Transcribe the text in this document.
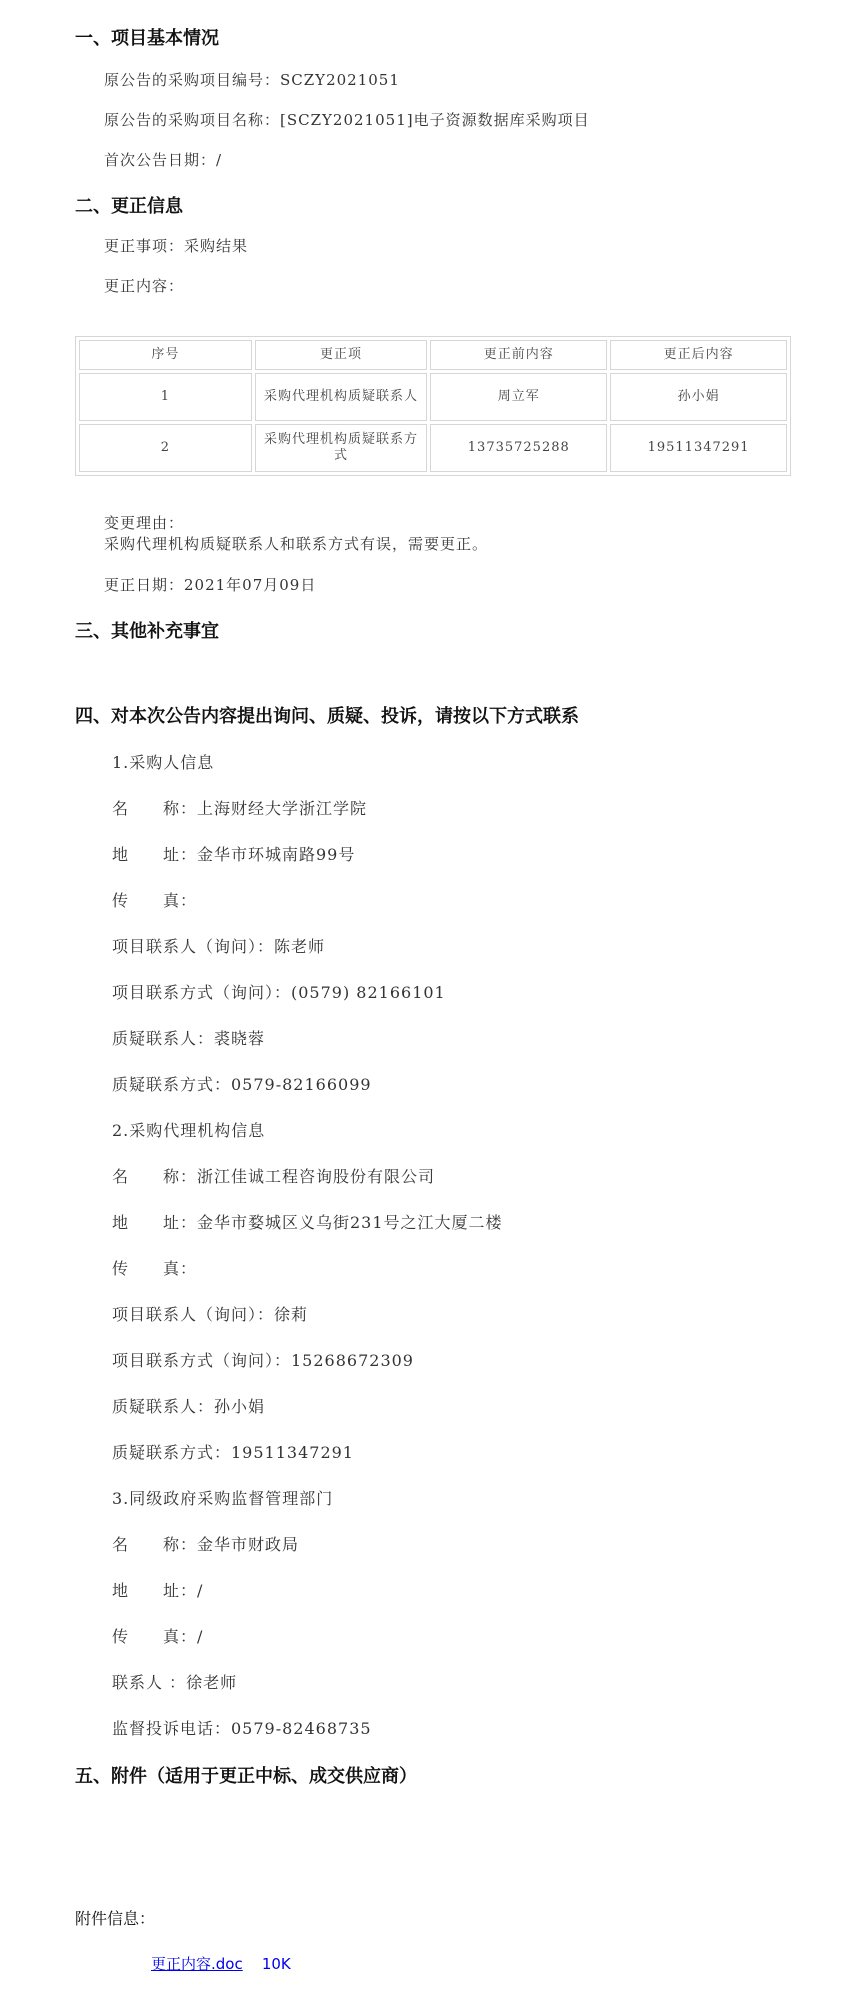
一、项目基本情况
原公告的采购项目编号：SCZY2021051
原公告的采购项目名称：[SCZY2021051]电子资源数据库采购项目
首次公告日期：/
二、更正信息
更正事项：采购结果
更正内容：
序号	更正项	更正前内容	更正后内容
1	采购代理机构质疑联系人	周立军	孙小娟
2	采购代理机构质疑联系方式	13735725288	19511347291
变更理由：
采购代理机构质疑联系人和联系方式有误，需要更正。
更正日期：2021年07月09日
三、其他补充事宜
四、对本次公告内容提出询问、质疑、投诉，请按以下方式联系
1.采购人信息
名　　称：上海财经大学浙江学院
地　　址：金华市环城南路99号
传　　真：
项目联系人（询问）：陈老师
项目联系方式（询问）：(0579) 82166101
质疑联系人：裘晓蓉
质疑联系方式：0579-82166099
2.采购代理机构信息
名　　称：浙江佳诚工程咨询股份有限公司
地　　址：金华市婺城区义乌街231号之江大厦二楼
传　　真：
项目联系人（询问）：徐莉
项目联系方式（询问）：15268672309
质疑联系人：孙小娟
质疑联系方式：19511347291
3.同级政府采购监督管理部门
名　　称：金华市财政局
地　　址：/
传　　真：/
联系人 ：徐老师
监督投诉电话：0579-82468735
五、附件（适用于更正中标、成交供应商）
附件信息：
更正内容.doc 10K
